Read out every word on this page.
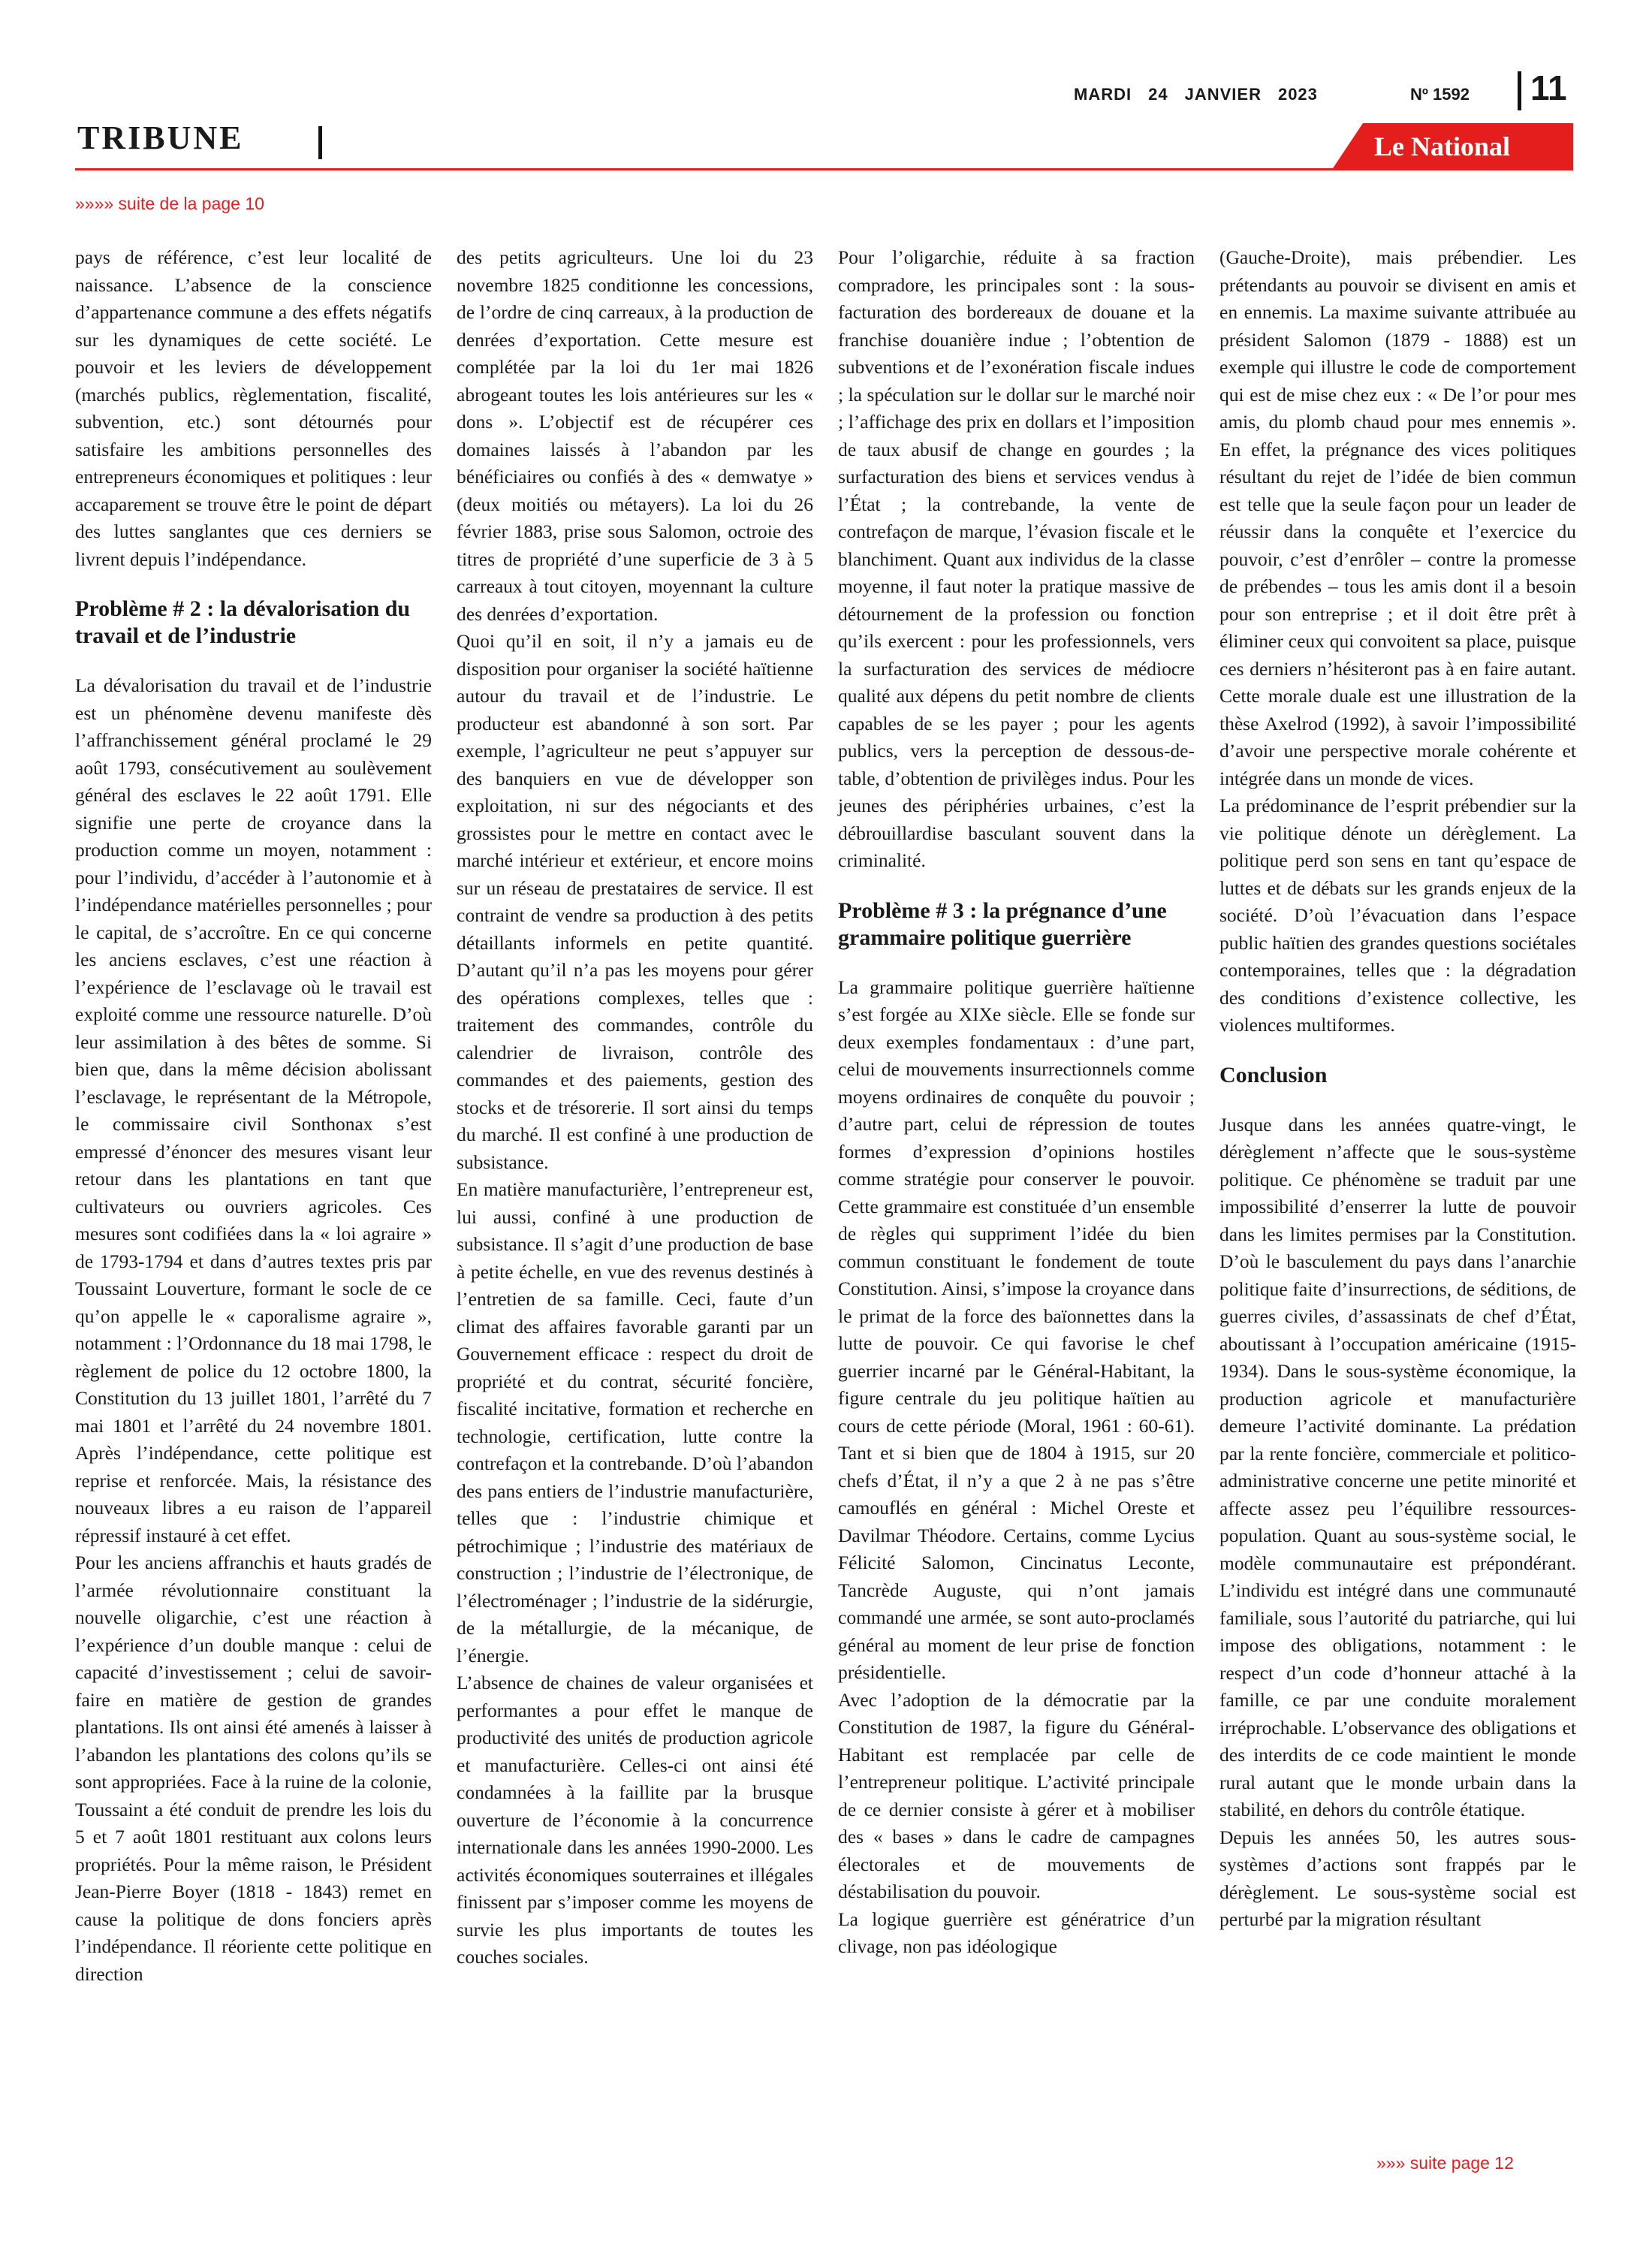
MARDI 24 JANVIER 2023	Nº 1592 11
TRIBUNE	Le National
»»»» suite de la page 10

pays de référence, c’est leur localité de naissance. L’absence de la conscience d’appartenance commune a des effets négatifs sur les dynamiques de cette société. Le pouvoir et les leviers de développement (marchés publics, règlementation, fiscalité, subvention, etc.) sont détournés pour satisfaire les ambitions personnelles des entrepreneurs économiques et politiques : leur accaparement se trouve être le point de départ des luttes sanglantes que ces derniers se livrent depuis l’indépendance.

Problème # 2 : la dévalorisation du travail et de l’industrie

La dévalorisation du travail et de l’industrie est un phénomène devenu manifeste dès l’affranchissement général proclamé le 29 août 1793, consécutivement au soulèvement général des esclaves le 22 août 1791. Elle signifie une perte de croyance dans la production comme un moyen, notamment : pour l’individu, d’accéder à l’autonomie et à l’indépendance matérielles personnelles ; pour le capital, de s’accroître. En ce qui concerne les anciens esclaves, c’est une réaction à l’expérience de l’esclavage où le travail est exploité comme une ressource naturelle. D’où leur assimilation à des bêtes de somme. Si bien que, dans la même décision abolissant l’esclavage, le représentant de la Métropole, le commissaire civil Sonthonax s’est empressé d’énoncer des mesures visant leur retour dans les plantations en tant que cultivateurs ou ouvriers agricoles. Ces mesures sont codifiées dans la « loi agraire » de 1793-1794 et dans d’autres textes pris par Toussaint Louverture, formant le socle de ce qu’on appelle le « caporalisme agraire », notamment : l’Ordonnance du 18 mai 1798, le règlement de police du 12 octobre 1800, la Constitution du 13 juillet 1801, l’arrêté du 7 mai 1801 et l’arrêté du 24 novembre 1801. Après l’indépendance, cette politique est reprise et renforcée. Mais, la résistance des nouveaux libres a eu raison de l’appareil répressif instauré à cet effet.

Pour les anciens affranchis et hauts gradés de l’armée révolutionnaire constituant la nouvelle oligarchie, c’est une réaction à l’expérience d’un double manque : celui de capacité d’investissement ; celui de savoir-faire en matière de gestion de grandes plantations. Ils ont ainsi été amenés à laisser à l’abandon les plantations des colons qu’ils se sont appropriées. Face à la ruine de la colonie, Toussaint a été conduit de prendre les lois du 5 et 7 août 1801 restituant aux colons leurs propriétés. Pour la même raison, le Président Jean-Pierre Boyer (1818 - 1843) remet en cause la politique de dons fonciers après l’indépendance. Il réoriente cette politique en direction

des petits agriculteurs. Une loi du 23 novembre 1825 conditionne les concessions, de l’ordre de cinq carreaux, à la production de denrées d’exportation. Cette mesure est complétée par la loi du 1er mai 1826 abrogeant toutes les lois antérieures sur les « dons ». L’objectif est de récupérer ces domaines laissés à l’abandon par les bénéficiaires ou confiés à des « demwatye » (deux moitiés ou métayers). La loi du 26 février 1883, prise sous Salomon, octroie des titres de propriété d’une superficie de 3 à 5 carreaux à tout citoyen, moyennant la culture des denrées d’exportation.

Quoi qu’il en soit, il n’y a jamais eu de disposition pour organiser la société haïtienne autour du travail et de l’industrie. Le producteur est abandonné à son sort. Par exemple, l’agriculteur ne peut s’appuyer sur des banquiers en vue de développer son exploitation, ni sur des négociants et des grossistes pour le mettre en contact avec le marché intérieur et extérieur, et encore moins sur un réseau de prestataires de service. Il est contraint de vendre sa production à des petits détaillants informels en petite quantité. D’autant qu’il n’a pas les moyens pour gérer des opérations complexes, telles que : traitement des commandes, contrôle du calendrier de livraison, contrôle des commandes et des paiements, gestion des stocks et de trésorerie. Il sort ainsi du temps du marché. Il est confiné à une production de subsistance.

En matière manufacturière, l’entrepreneur est, lui aussi, confiné à une production de subsistance. Il s’agit d’une production de base à petite échelle, en vue des revenus destinés à l’entretien de sa famille. Ceci, faute d’un climat des affaires favorable garanti par un Gouvernement efficace : respect du droit de propriété et du contrat, sécurité foncière, fiscalité incitative, formation et recherche en technologie, certification, lutte contre la contrefaçon et la contrebande. D’où l’abandon des pans entiers de l’industrie manufacturière, telles que : l’industrie chimique et pétrochimique ; l’industrie des matériaux de construction ; l’industrie de l’électronique, de l’électroménager ; l’industrie de la sidérurgie, de la métallurgie, de la mécanique, de l’énergie.

L’absence de chaines de valeur organisées et performantes a pour effet le manque de productivité des unités de production agricole et manufacturière. Celles-ci ont ainsi été condamnées à la faillite par la brusque ouverture de l’économie à la concurrence internationale dans les années 1990-2000. Les activités économiques souterraines et illégales finissent par s’imposer comme les moyens de survie les plus importants de toutes les couches sociales.

Pour l’oligarchie, réduite à sa fraction compradore, les principales sont : la sous-facturation des bordereaux de douane et la franchise douanière indue ; l’obtention de subventions et de l’exonération fiscale indues ; la spéculation sur le dollar sur le marché noir ; l’affichage des prix en dollars et l’imposition de taux abusif de change en gourdes ; la surfacturation des biens et services vendus à l’État ; la contrebande, la vente de contrefaçon de marque, l’évasion fiscale et le blanchiment. Quant aux individus de la classe moyenne, il faut noter la pratique massive de détournement de la profession ou fonction qu’ils exercent : pour les professionnels, vers la surfacturation des services de médiocre qualité aux dépens du petit nombre de clients capables de se les payer ; pour les agents publics, vers la perception de dessous-de-table, d’obtention de privilèges indus. Pour les jeunes des périphéries urbaines, c’est la débrouillardise basculant souvent dans la criminalité.

Problème # 3 : la prégnance d’une grammaire politique guerrière

La grammaire politique guerrière haïtienne s’est forgée au XIXe siècle. Elle se fonde sur deux exemples fondamentaux : d’une part, celui de mouvements insurrectionnels comme moyens ordinaires de conquête du pouvoir ; d’autre part, celui de répression de toutes formes d’expression d’opinions hostiles comme stratégie pour conserver le pouvoir. Cette grammaire est constituée d’un ensemble de règles qui suppriment l’idée du bien commun constituant le fondement de toute Constitution. Ainsi, s’impose la croyance dans le primat de la force des baïonnettes dans la lutte de pouvoir. Ce qui favorise le chef guerrier incarné par le Général-Habitant, la figure centrale du jeu politique haïtien au cours de cette période (Moral, 1961 : 60-61). Tant et si bien que de 1804 à 1915, sur 20 chefs d’État, il n’y a que 2 à ne pas s’être camouflés en général : Michel Oreste et Davilmar Théodore. Certains, comme Lycius Félicité Salomon, Cincinatus Leconte, Tancrède Auguste, qui n’ont jamais commandé une armée, se sont auto-proclamés général au moment de leur prise de fonction présidentielle.

Avec l’adoption de la démocratie par la Constitution de 1987, la figure du Général-Habitant est remplacée par celle de l’entrepreneur politique. L’activité principale de ce dernier consiste à gérer et à mobiliser des « bases » dans le cadre de campagnes électorales et de mouvements de déstabilisation du pouvoir.

La logique guerrière est génératrice d’un clivage, non pas idéologique

(Gauche-Droite), mais prébendier. Les prétendants au pouvoir se divisent en amis et en ennemis. La maxime suivante attribuée au président Salomon (1879 - 1888) est un exemple qui illustre le code de comportement qui est de mise chez eux : « De l’or pour mes amis, du plomb chaud pour mes ennemis ». En effet, la prégnance des vices politiques résultant du rejet de l’idée de bien commun est telle que la seule façon pour un leader de réussir dans la conquête et l’exercice du pouvoir, c’est d’enrôler – contre la promesse de prébendes – tous les amis dont il a besoin pour son entreprise ; et il doit être prêt à éliminer ceux qui convoitent sa place, puisque ces derniers n’hésiteront pas à en faire autant. Cette morale duale est une illustration de la thèse Axelrod (1992), à savoir l’impossibilité d’avoir une perspective morale cohérente et intégrée dans un monde de vices.

La prédominance de l’esprit prébendier sur la vie politique dénote un dérèglement. La politique perd son sens en tant qu’espace de luttes et de débats sur les grands enjeux de la société. D’où l’évacuation dans l’espace public haïtien des grandes questions sociétales contemporaines, telles que : la dégradation des conditions d’existence collective, les violences multiformes.

Conclusion

Jusque dans les années quatre-vingt, le dérèglement n’affecte que le sous-système politique. Ce phénomène se traduit par une impossibilité d’enserrer la lutte de pouvoir dans les limites permises par la Constitution. D’où le basculement du pays dans l’anarchie politique faite d’insurrections, de séditions, de guerres civiles, d’assassinats de chef d’État, aboutissant à l’occupation américaine (1915-1934). Dans le sous-système économique, la production agricole et manufacturière demeure l’activité dominante. La prédation par la rente foncière, commerciale et politico-administrative concerne une petite minorité et affecte assez peu l’équilibre ressources-population. Quant au sous-système social, le modèle communautaire est prépondérant. L’individu est intégré dans une communauté familiale, sous l’autorité du patriarche, qui lui impose des obligations, notamment : le respect d’un code d’honneur attaché à la famille, ce par une conduite moralement irréprochable. L’observance des obligations et des interdits de ce code maintient le monde rural autant que le monde urbain dans la stabilité, en dehors du contrôle étatique.

Depuis les années 50, les autres sous-systèmes d’actions sont frappés par le dérèglement. Le sous-système social est perturbé par la migration résultant

»»» suite page 12
